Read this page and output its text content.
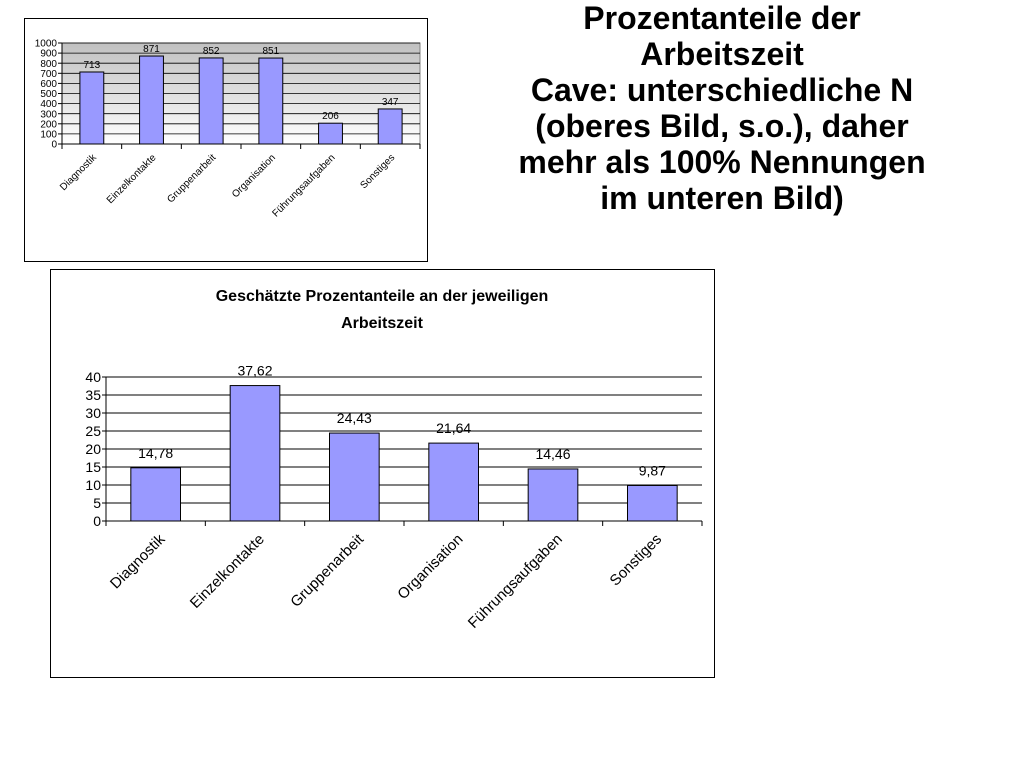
Prozentanteile der
Arbeitszeit
Cave: unterschiedliche N
(oberes Bild, s.o.), daher
mehr als 100% Nennungen
im unteren Bild)
0
100
200
300
400
500
600
700
800
900
1000
713
Diagnostik
871
Einzelkontakte
852
Gruppenarbeit
851
Organisation
206
Führungsaufgaben
347
Sonstiges
Geschätzte Prozentanteile an der jeweiligen
Arbeitszeit
0
5
10
15
20
25
30
35
40
14,78
Diagnostik
37,62
Einzelkontakte
24,43
Gruppenarbeit
21,64
Organisation
14,46
Führungsaufgaben
9,87
Sonstiges
